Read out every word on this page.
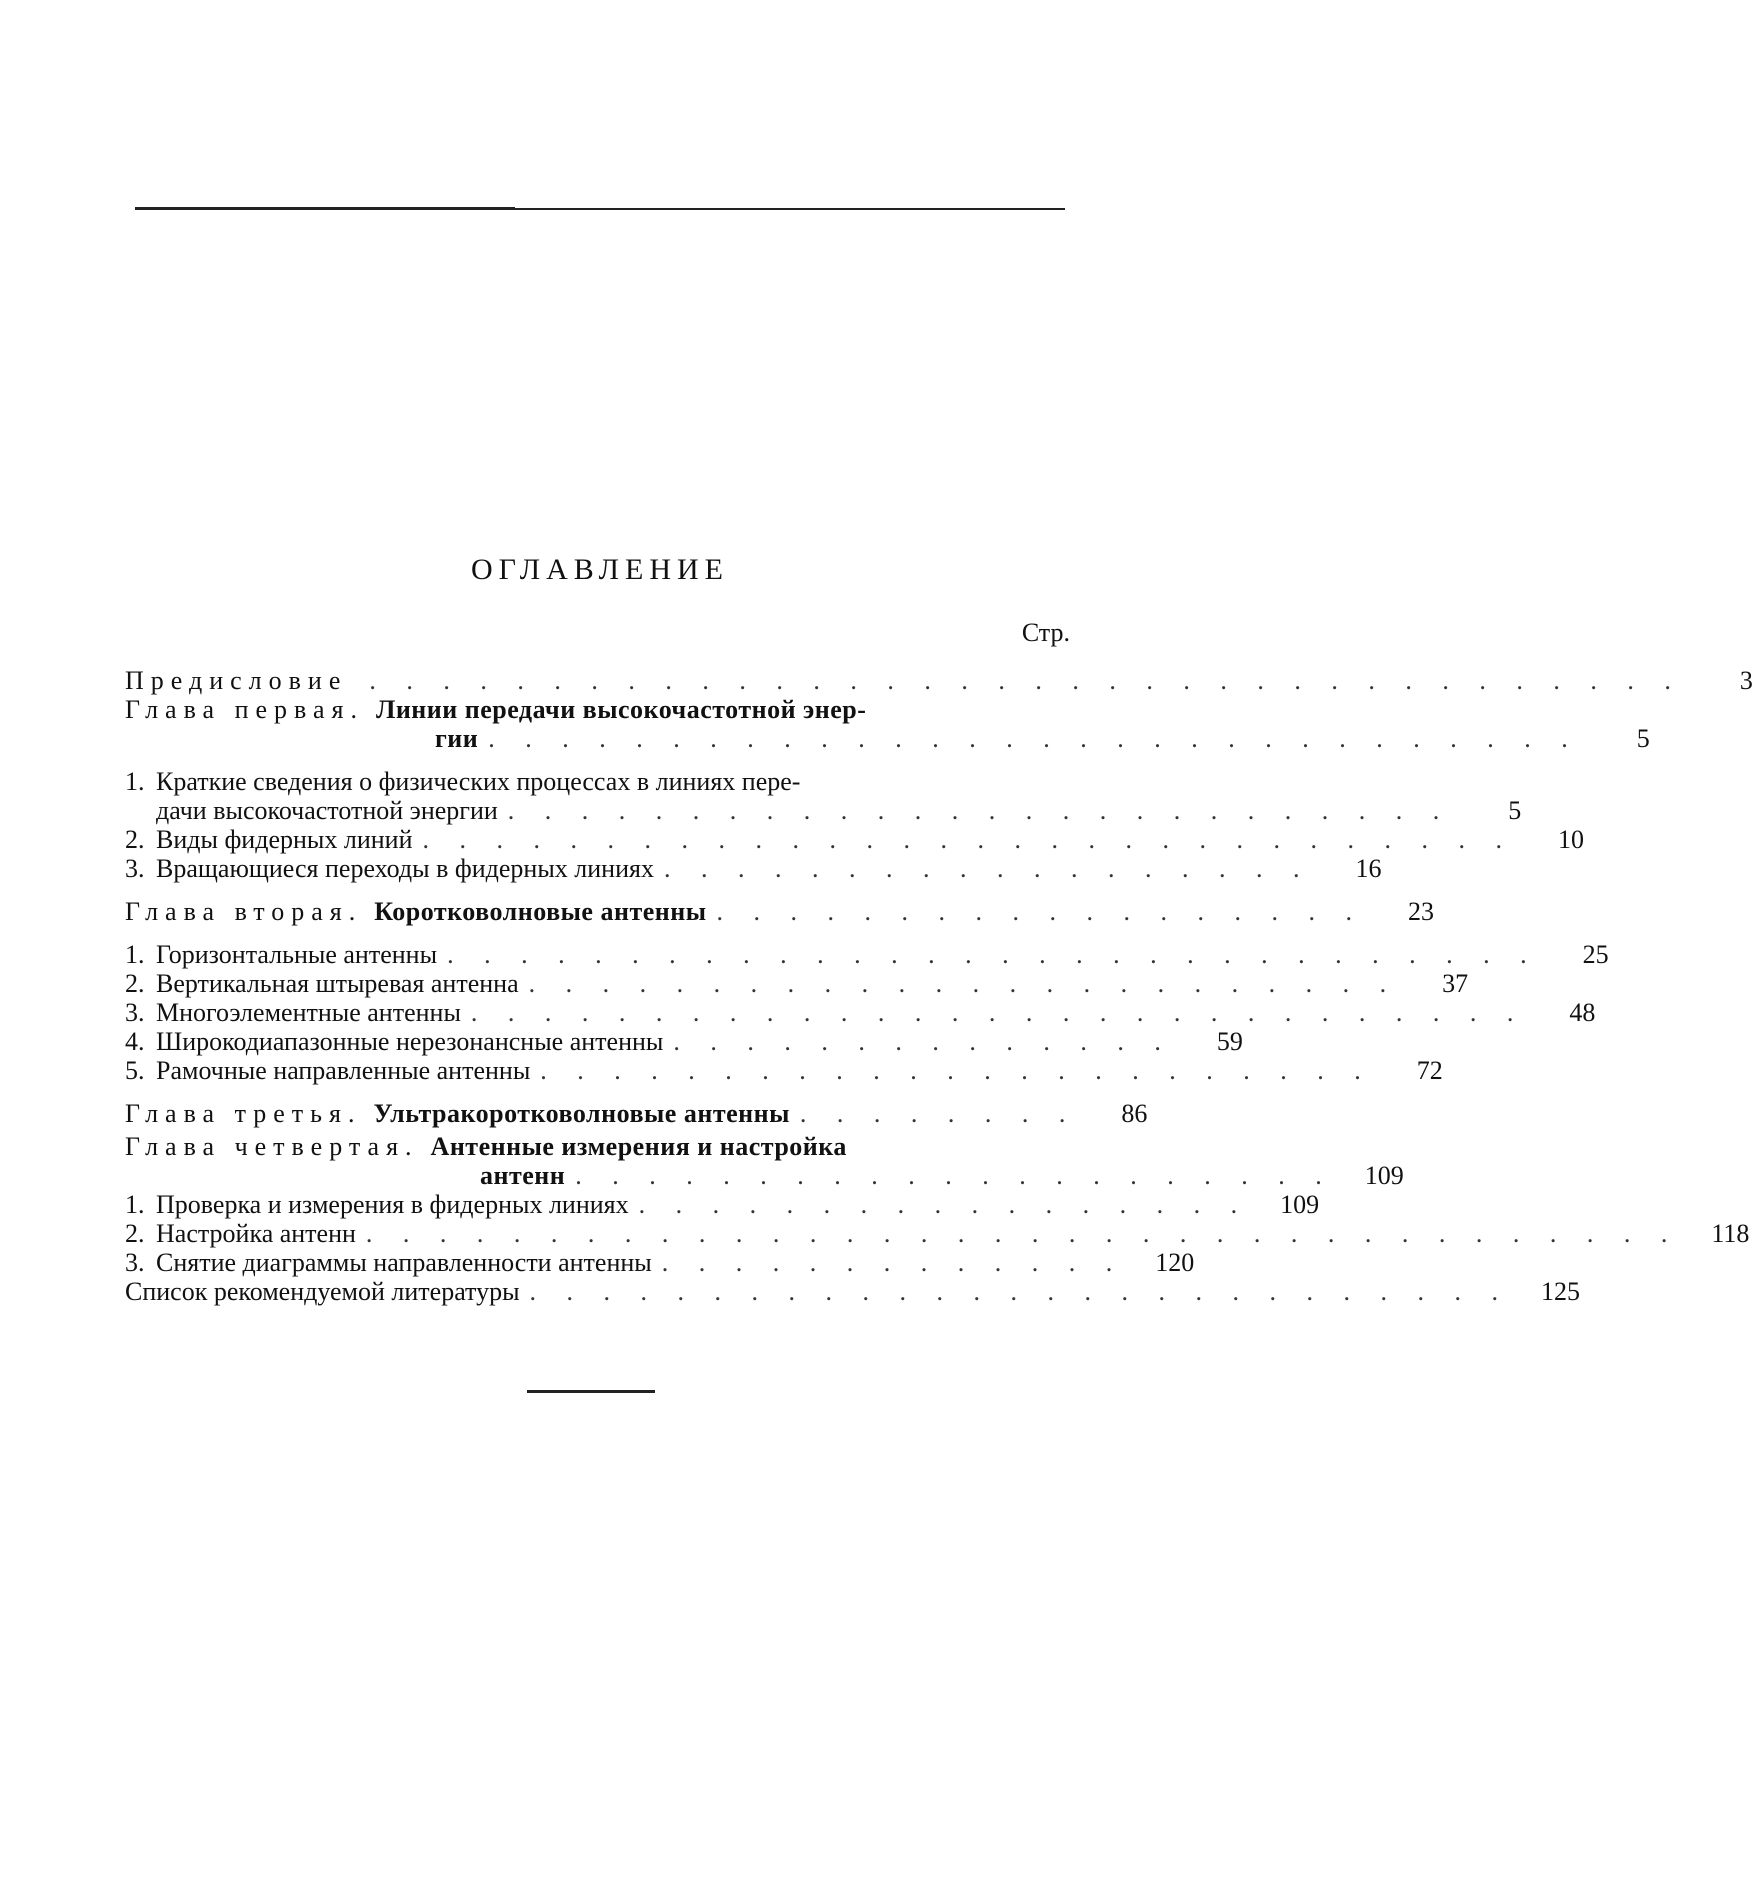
ОГЛАВЛЕНИЕ
Стр.
Предисловие . . . . . . . . . . . . . . . . . . . . . . . . . . . . . . . . . . . .	3
Глава первая. Линии передачи высокочастотной энер-
гии . . . . . . . . . . . . . . . . . . . . . . . . . . . . . .	5
1. Краткие сведения о физических процессах в линиях пере-
дачи высокочастотной энергии . . . . . . . . . . . . . . . . . . . . . . . . . .	5
2. Виды фидерных линий . . . . . . . . . . . . . . . . . . . . . . . . . . . . . .	10
3. Вращающиеся переходы в фидерных линиях . . . . . . . . . . . . . . . . . .	16
Глава вторая. Коротковолновые антенны . . . . . . . . . . . . . . . . . .	23
1. Горизонтальные антенны . . . . . . . . . . . . . . . . . . . . . . . . . . . . . .	25
2. Вертикальная штыревая антенна . . . . . . . . . . . . . . . . . . . . . . . .	37
3. Многоэлементные антенны . . . . . . . . . . . . . . . . . . . . . . . . . . . . .	48
4. Широкодиапазонные нерезонансные антенны . . . . . . . . . . . . . .	59
5. Рамочные направленные антенны . . . . . . . . . . . . . . . . . . . . . . .	72
Глава третья. Ультракоротковолновые антенны . . . . . . . .	86
Глава четвертая. Антенные измерения и настройка
антенн . . . . . . . . . . . . . . . . . . . . .	109
1. Проверка и измерения в фидерных линиях . . . . . . . . . . . . . . . . .	109
2. Настройка антенн . . . . . . . . . . . . . . . . . . . . . . . . . . . . . . . . . . . .	118
3. Снятие диаграммы направленности антенны . . . . . . . . . . . . .	120
Список рекомендуемой литературы . . . . . . . . . . . . . . . . . . . . . . . . . . .	125
